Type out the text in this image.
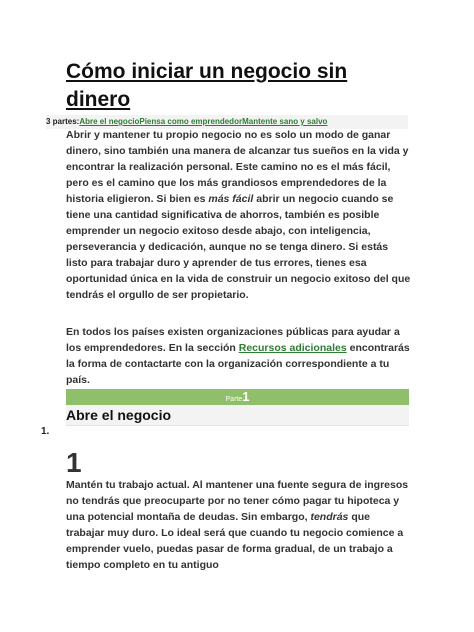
Cómo iniciar un negocio sin dinero
3 partes:Abre el negocioPiensa como emprendedorMantente sano y salvo

Abrir y mantener tu propio negocio no es solo un modo de ganar dinero, sino también una manera de alcanzar tus sueños en la vida y encontrar la realización personal. Este camino no es el más fácil, pero es el camino que los más grandiosos emprendedores de la historia eligieron. Si bien es más fácil abrir un negocio cuando se tiene una cantidad significativa de ahorros, también es posible emprender un negocio exitoso desde abajo, con inteligencia, perseverancia y dedicación, aunque no se tenga dinero. Si estás listo para trabajar duro y aprender de tus errores, tienes esa oportunidad única en la vida de construir un negocio exitoso del que tendrás el orgullo de ser propietario.

En todos los países existen organizaciones públicas para ayudar a los emprendedores. En la sección Recursos adicionales encontrarás la forma de contactarte con la organización correspondiente a tu país.

Parte1
Abre el negocio
1.
1

Mantén tu trabajo actual. Al mantener una fuente segura de ingresos no tendrás que preocuparte por no tener cómo pagar tu hipoteca y una potencial montaña de deudas. Sin embargo, tendrás que trabajar muy duro. Lo ideal será que cuando tu negocio comience a emprender vuelo, puedas pasar de forma gradual, de un trabajo a tiempo completo en tu antiguo
